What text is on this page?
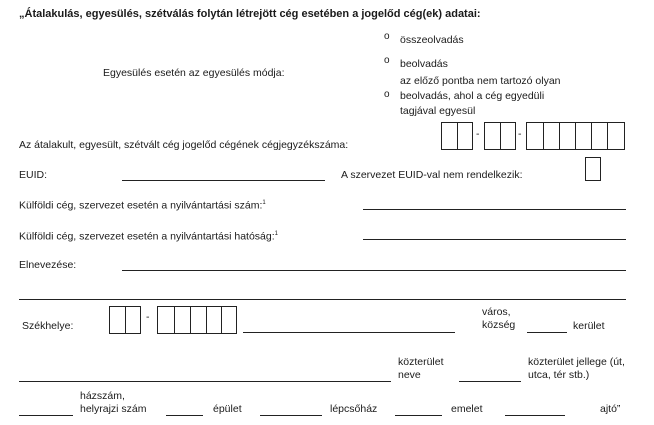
„Átalakulás, egyesülés, szétválás folytán létrejött cég esetében a jogelőd cég(ek) adatai:
Egyesülés esetén az egyesülés módja:
o összeolvadás
o beolvadás
o
az előző pontba nem tartozó olyan beolvadás, ahol a cég egyedüli tagjával egyesül
Az átalakult, egyesült, szétvált cég jogelőd cégének cégjegyzékszáma:
-	-
EUID:	A szervezet EUID-val nem rendelkezik:
Külföldi cég, szervezet esetén a nyilvántartási szám:$^1$
Külföldi cég, szervezet esetén a nyilvántartási hatóság:$^1$
Elnevezése:
Székhelye:
-	város, község	kerület
közterület neve
közterület jellege (út, utca, tér stb.)
házszám, helyrajzi szám	épület	lépcsőház	emelet	ajtó”
